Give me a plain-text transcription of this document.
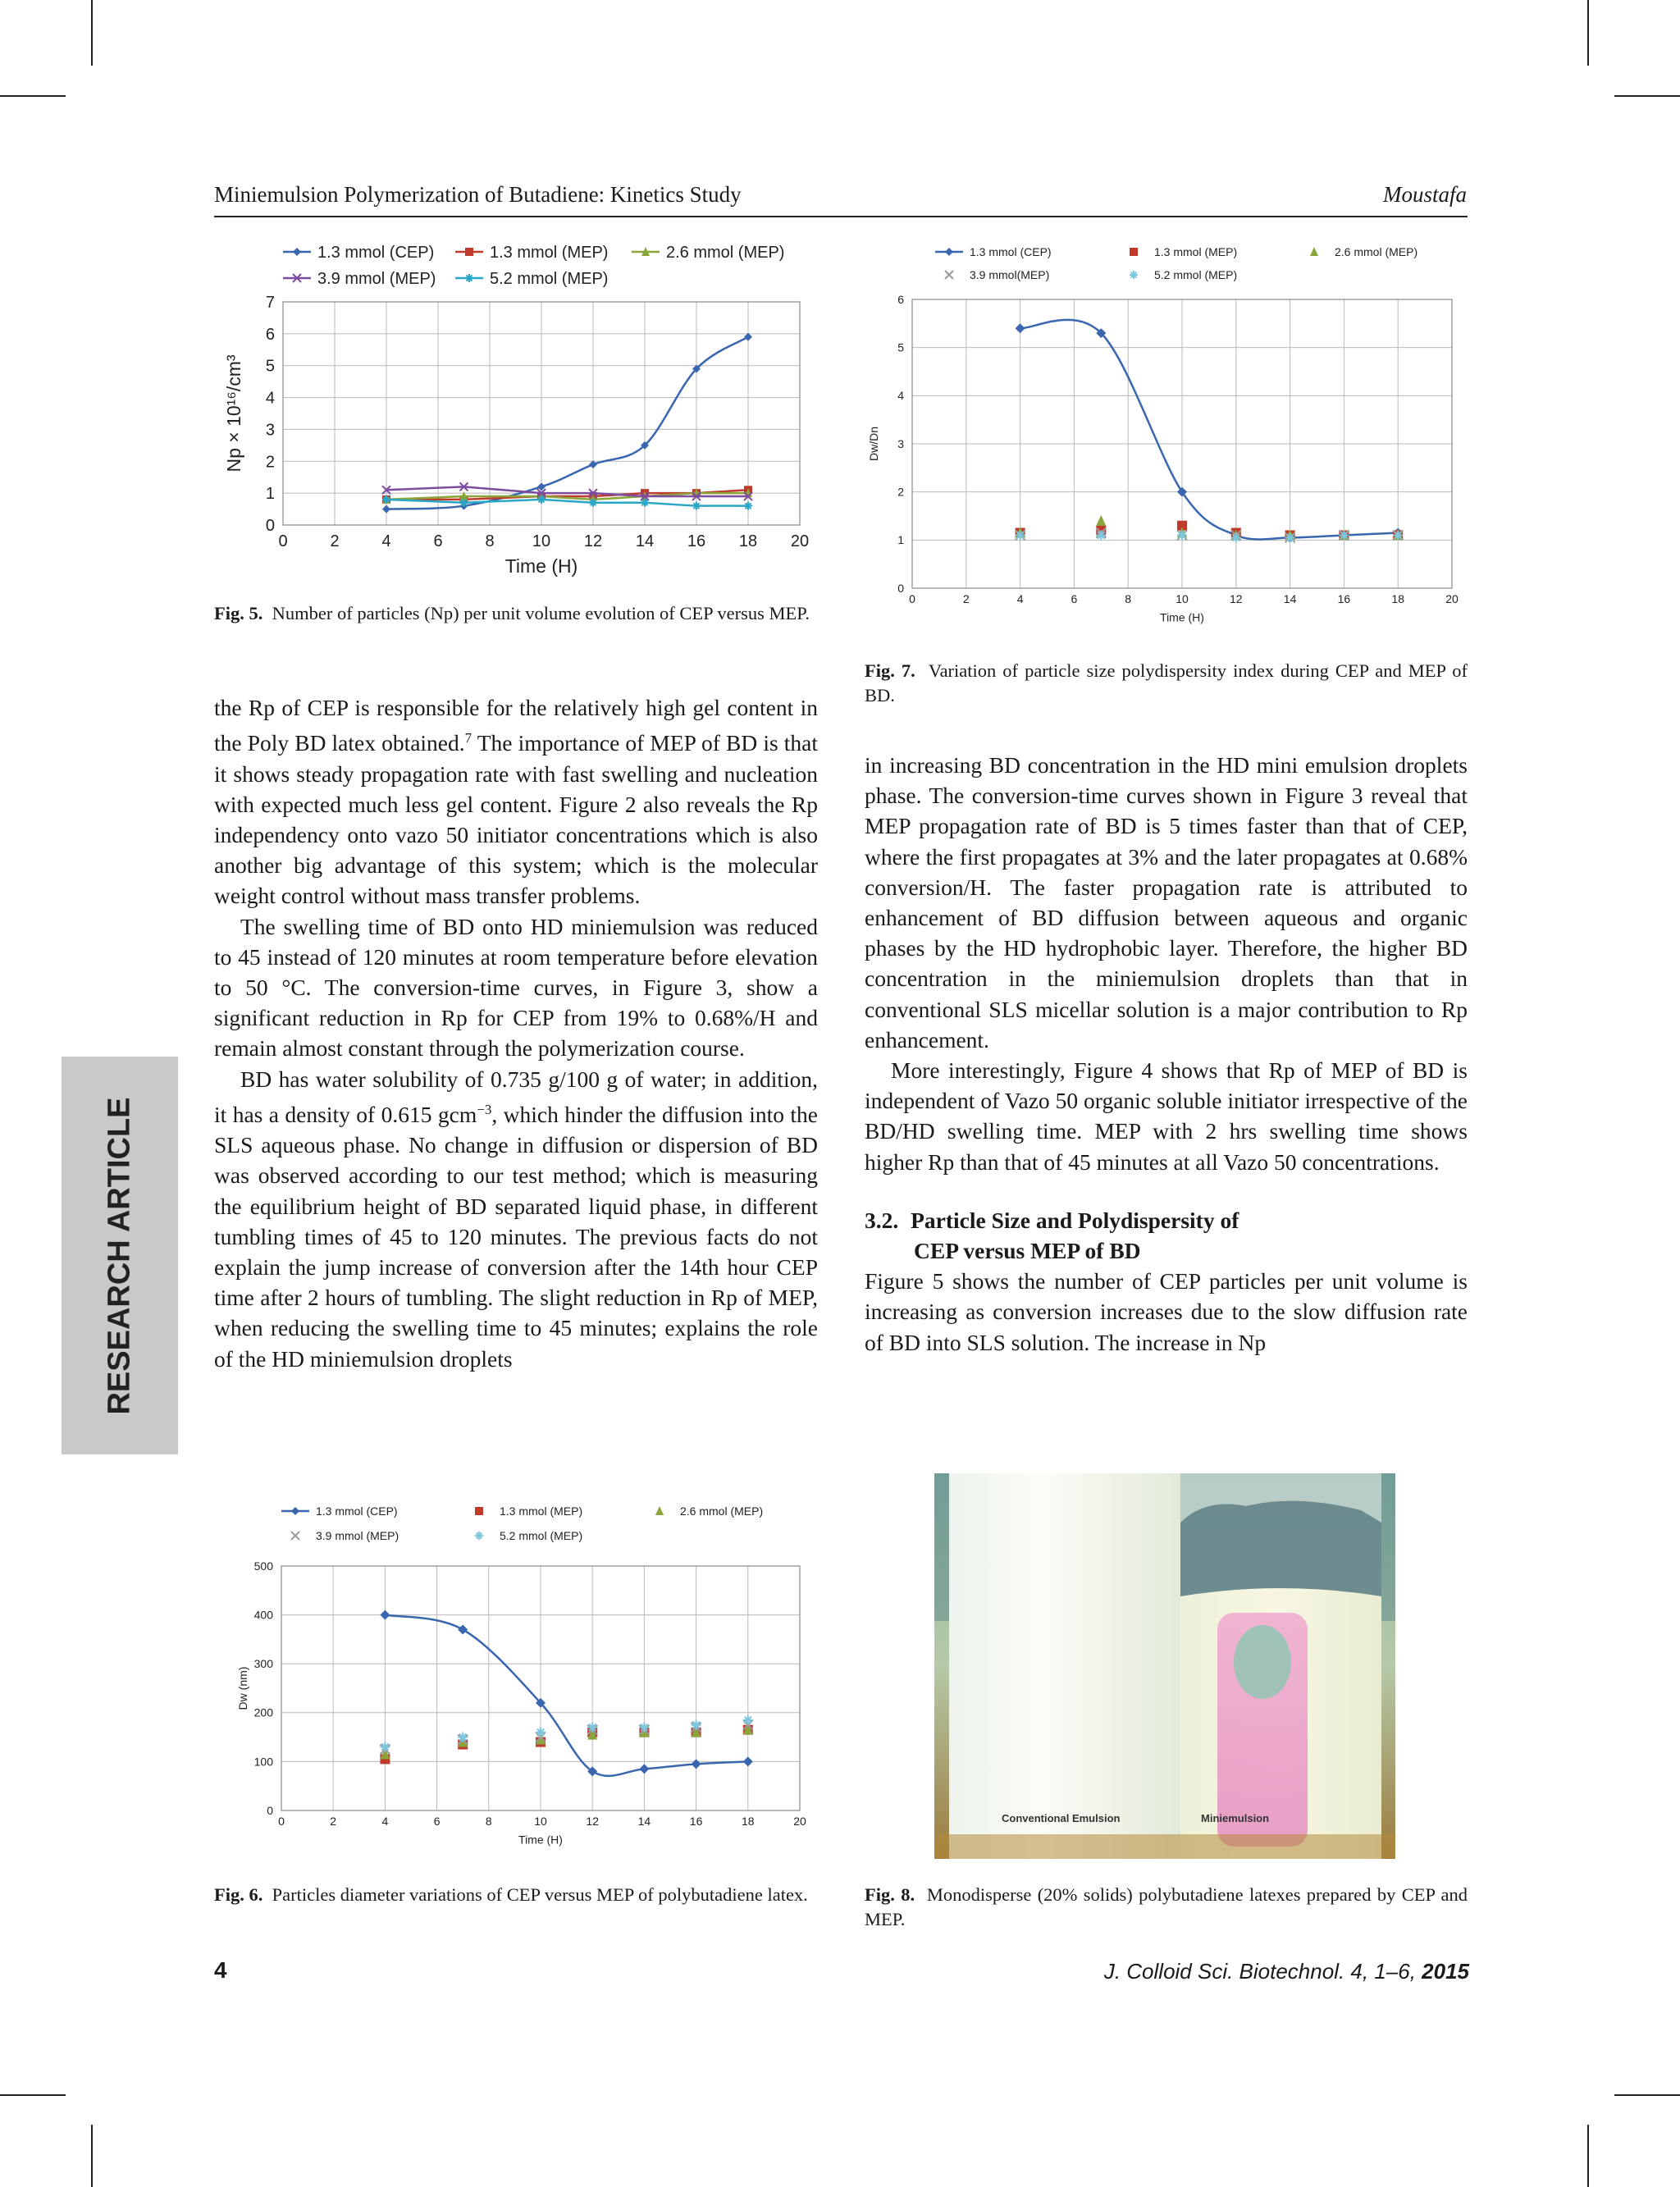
Miniemulsion Polymerization of Butadiene: Kinetics Study	Moustafa
RESEARCH ARTICLE
1.3 mmol (CEP)	1.3 mmol (MEP)	2.6 mmol (MEP)
3.9 mmol (MEP)	5.2 mmol (MEP)
0	2	4	6	8 10 12 14 16 18 20
0
1
2
3
4
5
6
7
Time (H)
Np × 10¹⁶/cm³
Fig. 5. Number of particles (Np) per unit volume evolution of CEP versus MEP.
1.3 mmol (CEP)	1.3 mmol (MEP)	2.6 mmol (MEP)
3.9 mmol(MEP)	5.2 mmol (MEP)
0	2	4	6	8	10	12	14	16	18	20
0
1
2
3
4
5
6
Time (H)
Dw/Dn
Fig. 7. Variation of particle size polydispersity index during CEP and MEP of BD.

the Rp of CEP is responsible for the relatively high gel content in the Poly BD latex obtained.$^7$ The importance of MEP of BD is that it shows steady propagation rate with fast swelling and nucleation with expected much less gel content. Figure 2 also reveals the Rp independency onto vazo 50 initiator concentrations which is also another big advantage of this system; which is the molecular weight control without mass transfer problems.

The swelling time of BD onto HD miniemulsion was reduced to 45 instead of 120 minutes at room temperature before elevation to 50 °C. The conversion-time curves, in Figure 3, show a significant reduction in Rp for CEP from 19% to 0.68%/H and remain almost constant through the polymerization course.

BD has water solubility of 0.735 g/100 g of water; in addition, it has a density of 0.615 gcm$^{-3}$, which hinder the diffusion into the SLS aqueous phase. No change in diffusion or dispersion of BD was observed according to our test method; which is measuring the equilibrium height of BD separated liquid phase, in different tumbling times of 45 to 120 minutes. The previous facts do not explain the jump increase of conversion after the 14th hour CEP time after 2 hours of tumbling. The slight reduction in Rp of MEP, when reducing the swelling time to 45 minutes; explains the role of the HD miniemulsion droplets

in increasing BD concentration in the HD mini emulsion droplets phase. The conversion-time curves shown in Figure 3 reveal that MEP propagation rate of BD is 5 times faster than that of CEP, where the first propagates at 3% and the later propagates at 0.68% conversion/H. The faster propagation rate is attributed to enhancement of BD diffusion between aqueous and organic phases by the HD hydrophobic layer. Therefore, the higher BD concentration in the miniemulsion droplets than that in conventional SLS micellar solution is a major contribution to Rp enhancement.

More interestingly, Figure 4 shows that Rp of MEP of BD is independent of Vazo 50 organic soluble initiator irrespective of the BD/HD swelling time. MEP with 2 hrs swelling time shows higher Rp than that of 45 minutes at all Vazo 50 concentrations.

3.2. Particle Size and Polydispersity of
CEP versus MEP of BD

Figure 5 shows the number of CEP particles per unit volume is increasing as conversion increases due to the slow diffusion rate of BD into SLS solution. The increase in Np

1.3 mmol (CEP)	1.3 mmol (MEP)	2.6 mmol (MEP)
3.9 mmol (MEP)	5.2 mmol (MEP)
0	2	4	6	8	10	12	14	16	18	20
0
100
200
300
400
500
Time (H)
Dw (nm)
Fig. 6. Particles diameter variations of CEP versus MEP of polybutadiene latex.
Conventional Emulsion	Miniemulsion
Fig. 8. Monodisperse (20% solids) polybutadiene latexes prepared by CEP and MEP.
4	J. Colloid Sci. Biotechnol. 4, 1–6, 2015
